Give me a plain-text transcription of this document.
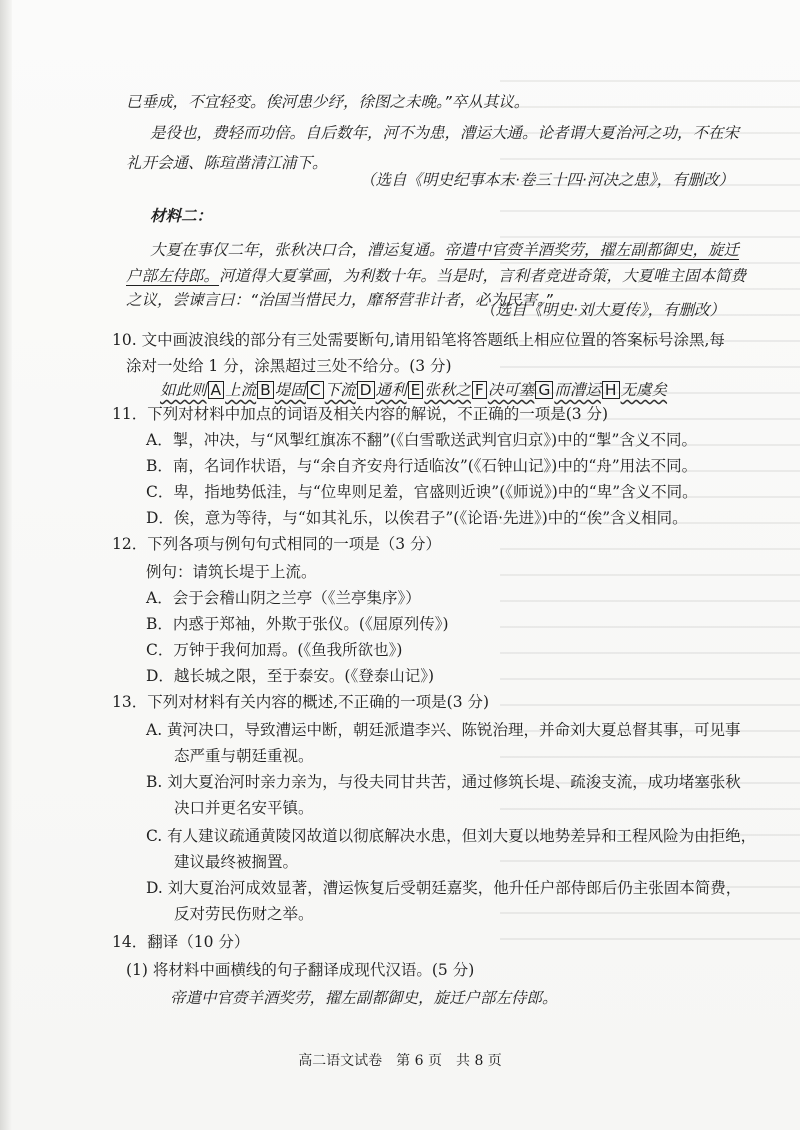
已垂成，不宜轻变。俟河患少纾，徐图之未晚。”卒从其议。
是役也，费轻而功倍。自后数年，河不为患，漕运大通。论者谓大夏治河之功，不在宋
礼开会通、陈瑄凿清江浦下。
（选自《明史纪事本末·卷三十四·河决之患》，有删改）
材料二：
大夏在事仅二年，张秋决口合，漕运复通。帝遣中官赍羊酒奖劳，擢左副都御史，旋迁
户部左侍郎。河道得大夏掌画，为利数十年。当是时，言利者竞进奇策，大夏唯主固本简费
之议，尝谏言曰：“治国当惜民力，靡帑营非计者，必为民害。”
（选自《明史·刘大夏传》，有删改）
10. 文中画波浪线的部分有三处需要断句,请用铅笔将答题纸上相应位置的答案标号涂黑,每
涂对一处给 1 分，涂黑超过三处不给分。(3 分)
如此则 A 上流 B 堤固 C 下流 D 通利 E 张秋之 F 决可塞 G 而漕运 H 无虞矣
11．下列对材料中加点的词语及相关内容的解说，不正确的一项是(3 分)
A．掣，冲决，与“风掣红旗冻不翻”(《白雪歌送武判官归京》)中的“掣”含义不同。
B．南，名词作状语，与“余自齐安舟行适临汝”(《石钟山记》)中的“舟”用法不同。
C．卑，指地势低洼，与“位卑则足羞，官盛则近谀”(《师说》)中的“卑”含义不同。
D．俟，意为等待，与“如其礼乐，以俟君子”(《论语·先进》)中的“俟”含义相同。
12．下列各项与例句句式相同的一项是（3 分）
例句：请筑长堤于上流。
A．会于会稽山阴之兰亭（《兰亭集序》）
B．内惑于郑袖，外欺于张仪。(《屈原列传》)
C．万钟于我何加焉。(《鱼我所欲也》)
D．越长城之限，至于泰安。(《登泰山记》)
13．下列对材料有关内容的概述,不正确的一项是(3 分)
A. 黄河决口，导致漕运中断，朝廷派遣李兴、陈锐治理，并命刘大夏总督其事，可见事
态严重与朝廷重视。
B. 刘大夏治河时亲力亲为，与役夫同甘共苦，通过修筑长堤、疏浚支流，成功堵塞张秋
决口并更名安平镇。
C. 有人建议疏通黄陵冈故道以彻底解决水患，但刘大夏以地势差异和工程风险为由拒绝，
建议最终被搁置。
D. 刘大夏治河成效显著，漕运恢复后受朝廷嘉奖，他升任户部侍郎后仍主张固本简费，
反对劳民伤财之举。
14．翻译（10 分）
(1) 将材料中画横线的句子翻译成现代汉语。(5 分)
帝遣中官赍羊酒奖劳，擢左副都御史，旋迁户部左侍郎。
高二语文试卷　第 6 页　共 8 页
